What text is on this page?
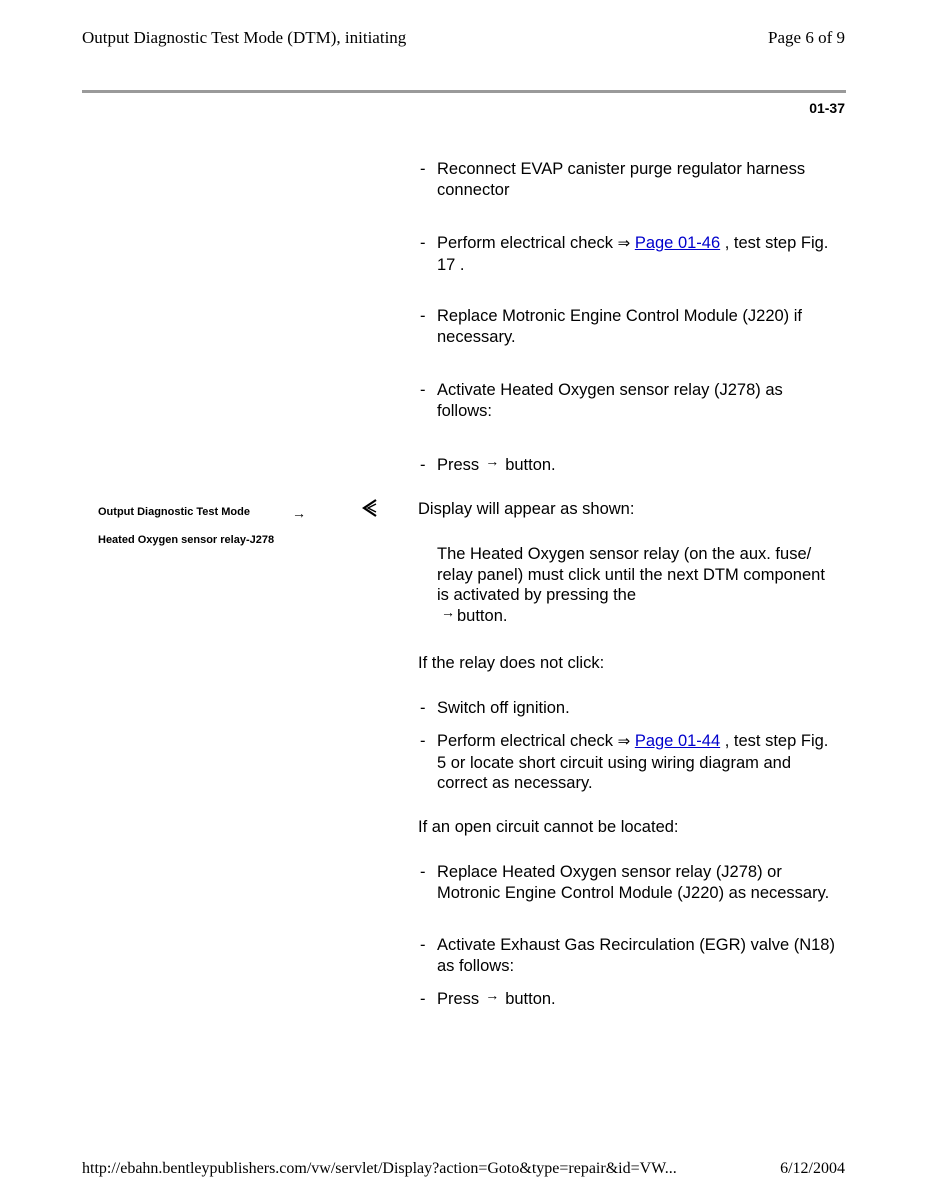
Output Diagnostic Test Mode (DTM), initiating	Page 6 of 9
01-37
Output Diagnostic Test Mode	→
Heated Oxygen sensor relay-J278
- Reconnect EVAP canister purge regulator harness connector
- Perform electrical check ⇒ Page 01-46 , test step Fig. 17 .
- Replace Motronic Engine Control Module (J220) if necessary.
- Activate Heated Oxygen sensor relay (J278) as follows:
- Press → button.
Display will appear as shown:
The Heated Oxygen sensor relay (on the aux. fuse/ relay panel) must click until the next DTM component is activated by pressing the
→ button.
If the relay does not click:
- Switch off ignition.
- Perform electrical check ⇒ Page 01-44 , test step Fig. 5 or locate short circuit using wiring diagram and correct as necessary.
If an open circuit cannot be located:
- Replace Heated Oxygen sensor relay (J278) or Motronic Engine Control Module (J220) as necessary.
- Activate Exhaust Gas Recirculation (EGR) valve (N18) as follows:
- Press → button.
http://ebahn.bentleypublishers.com/vw/servlet/Display?action=Goto&type=repair&id=VW...	6/12/2004
